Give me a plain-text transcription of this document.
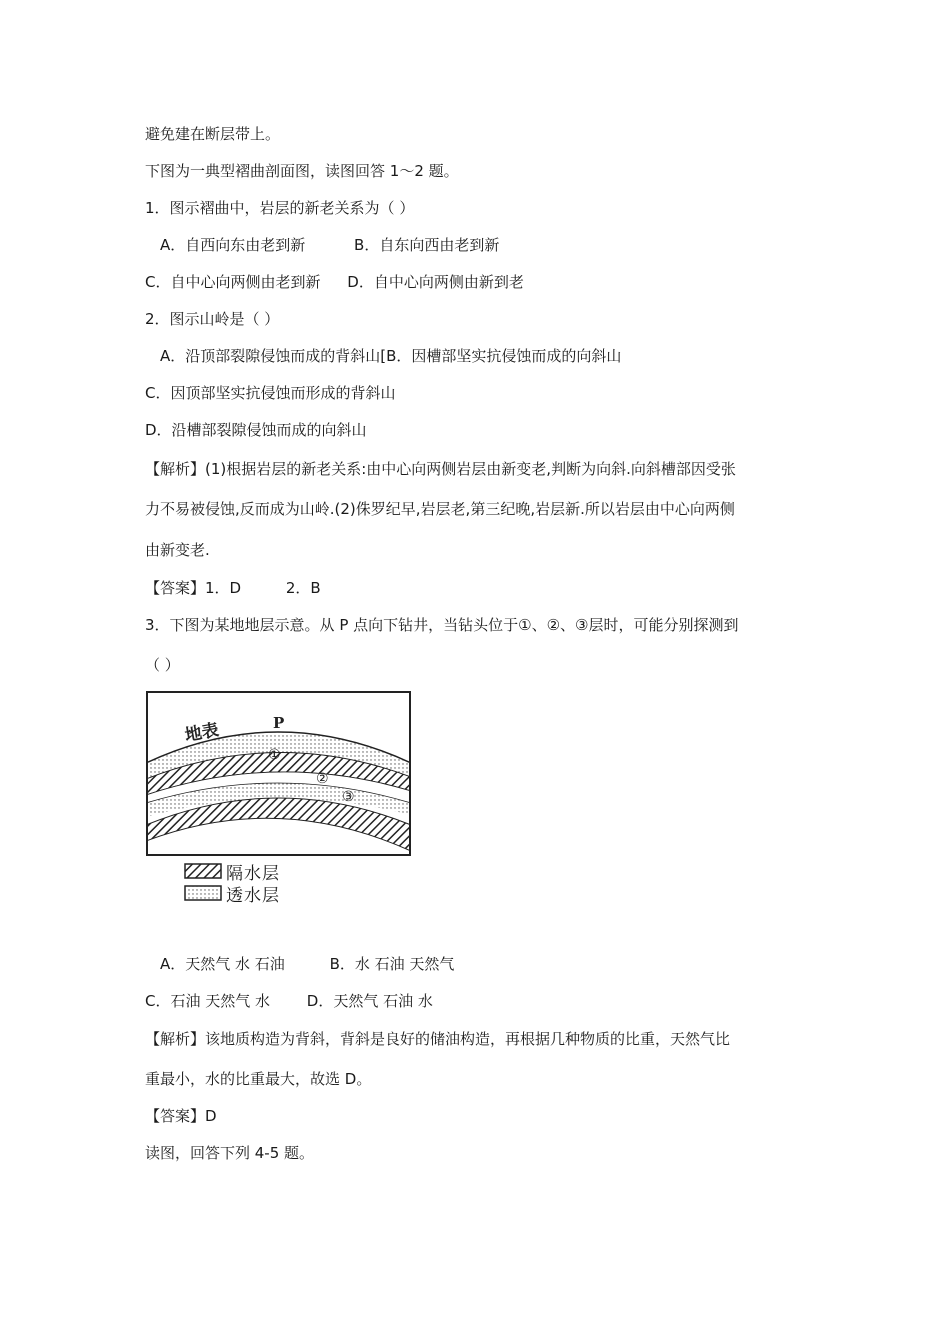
避免建在断层带上。
下图为一典型褶曲剖面图，读图回答 1～2 题。
1．图示褶曲中，岩层的新老关系为（ ）
A．自西向东由老到新	B．自东向西由老到新
C．自中心向两侧由老到新 D．自中心向两侧由新到老
2．图示山岭是（ ）
A．沿顶部裂隙侵蚀而成的背斜山[B．因槽部坚实抗侵蚀而成的向斜山
C．因顶部坚实抗侵蚀而形成的背斜山
D．沿槽部裂隙侵蚀而成的向斜山
【解析】(1)根据岩层的新老关系:由中心向两侧岩层由新变老,判断为向斜.向斜槽部因受张
力不易被侵蚀,反而成为山岭.(2)侏罗纪早,岩层老,第三纪晚,岩层新.所以岩层由中心向两侧
由新变老.
【答案】1．D	2．B
3．下图为某地地层示意。从 P 点向下钻井，当钻头位于①、②、③层时，可能分别探测到
（ ）
地表	P
①
②
③
隔水层
透水层
A．天然气 水 石油	B．水 石油 天然气
C．石油 天然气 水 D．天然气 石油 水
【解析】该地质构造为背斜，背斜是良好的储油构造，再根据几种物质的比重，天然气比
重最小，水的比重最大，故选 D。
【答案】D
读图，回答下列 4-5 题。
